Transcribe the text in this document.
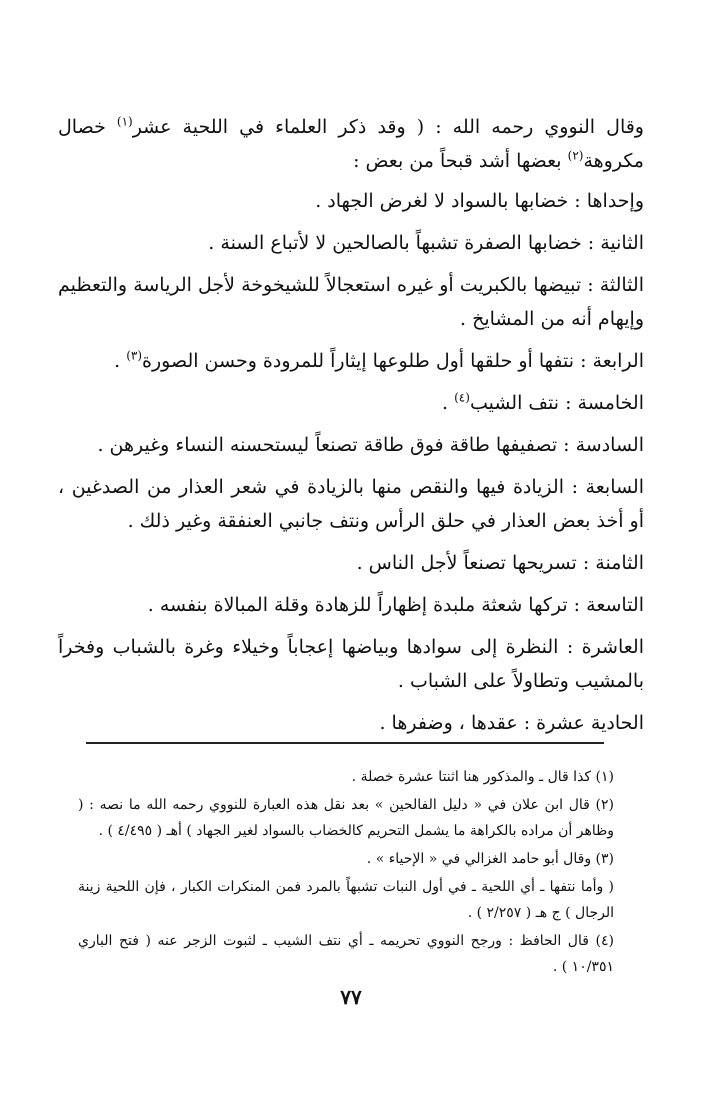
وقال النووي رحمه الله : ( وقد ذكر العلماء في اللحية عشر$^{(١)}$ خصال مكروهة$^{(٢)}$ بعضها أشد قبحاً من بعض :

وإحداها : خضابها بالسواد لا لغرض الجهاد .

الثانية : خضابها الصفرة تشبهاً بالصالحين لا لأتباع السنة .

الثالثة : تبيضها بالكبريت أو غيره استعجالاً للشيخوخة لأجل الرياسة والتعظيم وإيهام أنه من المشايخ .

الرابعة : نتفها أو حلقها أول طلوعها إيثاراً للمرودة وحسن الصورة$^{(٣)}$ .

الخامسة : نتف الشيب$^{(٤)}$ .

السادسة : تصفيفها طاقة فوق طاقة تصنعاً ليستحسنه النساء وغيرهن .

السابعة : الزيادة فيها والنقص منها بالزيادة في شعر العذار من الصدغين ، أو أخذ بعض العذار في حلق الرأس ونتف جانبي العنفقة وغير ذلك .

الثامنة : تسريحها تصنعاً لأجل الناس .

التاسعة : تركها شعثة ملبدة إظهاراً للزهادة وقلة المبالاة بنفسه .

العاشرة : النظرة إلى سوادها وبياضها إعجاباً وخيلاء وغرة بالشباب وفخراً بالمشيب وتطاولاً على الشباب .

الحادية عشرة : عقدها ، وضفرها .

(١) كذا قال ـ والمذكور هنا اثنتا عشرة خصلة .

(٢) قال ابن علان في « دليل الفالحين » بعد نقل هذه العبارة للنووي رحمه الله ما نصه : ( وظاهر أن مراده بالكراهة ما يشمل التحريم كالخضاب بالسواد لغير الجهاد ) أهـ ( ٤/٤٩٥ ) .

(٣) وقال أبو حامد الغزالي في « الإحياء » .

( وأما نتفها ـ أي اللحية ـ في أول النبات تشبهاً بالمرد فمن المنكرات الكبار ، فإن اللحية زينة الرجال ) ج هـ ( ٢/٢٥٧ ) .

(٤) قال الحافظ : ورجح النووي تحريمه ـ أي نتف الشيب ـ لثبوت الزجر عنه ( فتح الباري ١٠/٣٥١ ) .

٧٧
